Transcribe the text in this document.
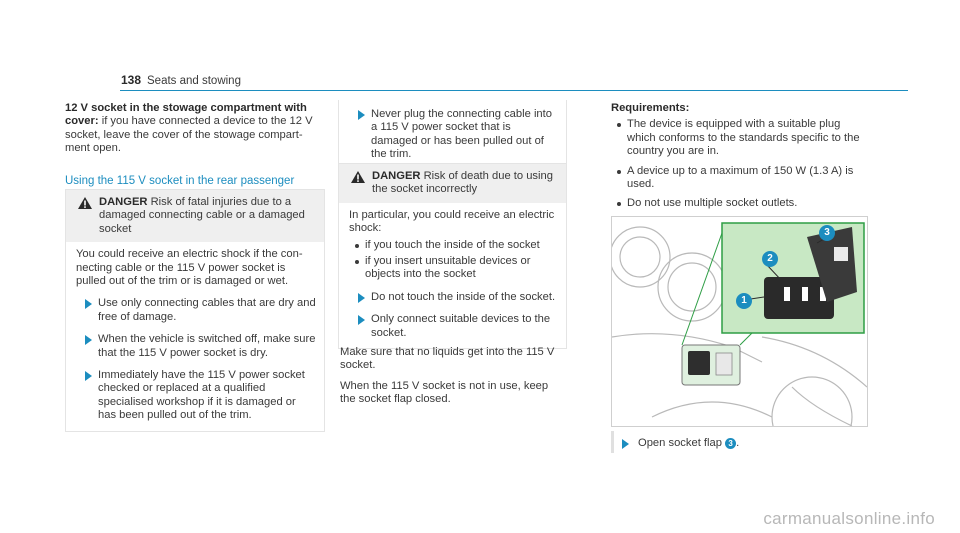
138 Seats and stowing
12 V socket in the stowage compartment with cover: if you have connected a device to the 12 V socket, leave the cover of the stowage compart-ment open.
Using the 115 V socket in the rear passenger
DANGER Risk of fatal injuries due to a damaged connecting cable or a damaged socket
You could receive an electric shock if the con-necting cable or the 115 V power socket is pulled out of the trim or is damaged or wet.
Use only connecting cables that are dry and free of damage.
When the vehicle is switched off, make sure that the 115 V power socket is dry.
Immediately have the 115 V power socket checked or replaced at a qualified specialised workshop if it is damaged or has been pulled out of the trim.
Never plug the connecting cable into a 115 V power socket that is damaged or has been pulled out of the trim.
DANGER Risk of death due to using the socket incorrectly
In particular, you could receive an electric shock:
if you touch the inside of the socket
if you insert unsuitable devices or objects into the socket
Do not touch the inside of the socket.
Only connect suitable devices to the socket.
Make sure that no liquids get into the 115 V socket.
When the 115 V socket is not in use, keep the socket flap closed.
Requirements:
The device is equipped with a suitable plug which conforms to the standards specific to the country you are in.
A device up to a maximum of 150 W (1.3 A) is used.
Do not use multiple socket outlets.
1
2
3
Open socket flap 3 .
carmanualsonline.info
